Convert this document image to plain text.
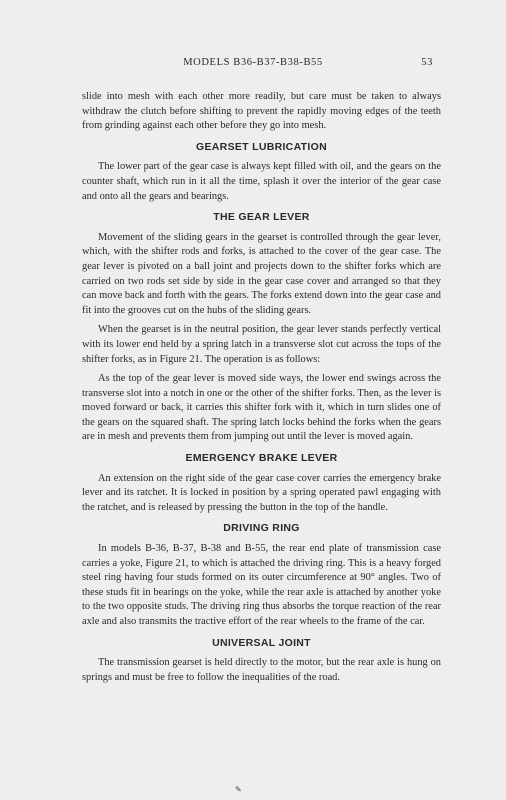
MODELS B36-B37-B38-B55	53

slide into mesh with each other more readily, but care must be taken to always withdraw the clutch before shifting to prevent the rapidly moving edges of the teeth from grinding against each other before they go into mesh.

GEARSET LUBRICATION

The lower part of the gear case is always kept filled with oil, and the gears on the counter shaft, which run in it all the time, splash it over the interior of the gear case and onto all the gears and bearings.

THE GEAR LEVER

Movement of the sliding gears in the gearset is controlled through the gear lever, which, with the shifter rods and forks, is attached to the cover of the gear case. The gear lever is pivoted on a ball joint and projects down to the shifter forks which are carried on two rods set side by side in the gear case cover and arranged so that they can move back and forth with the gears. The forks extend down into the gear case and fit into the grooves cut on the hubs of the sliding gears.

When the gearset is in the neutral position, the gear lever stands perfectly vertical with its lower end held by a spring latch in a transverse slot cut across the tops of the shifter forks, as in Figure 21. The operation is as follows:

As the top of the gear lever is moved side ways, the lower end swings across the transverse slot into a notch in one or the other of the shifter forks. Then, as the lever is moved forward or back, it carries this shifter fork with it, which in turn slides one of the gears on the squared shaft. The spring latch locks behind the forks when the gears are in mesh and prevents them from jumping out until the lever is moved again.

EMERGENCY BRAKE LEVER

An extension on the right side of the gear case cover carries the emergency brake lever and its ratchet. It is locked in position by a spring operated pawl engaging with the ratchet, and is released by pressing the button in the top of the handle.

DRIVING RING

In models B-36, B-37, B-38 and B-55, the rear end plate of transmission case carries a yoke, Figure 21, to which is attached the driving ring. This is a heavy forged steel ring having four studs formed on its outer circumference at 90° angles. Two of these studs fit in bearings on the yoke, while the rear axle is attached by another yoke to the two opposite studs. The driving ring thus absorbs the torque reaction of the rear axle and also transmits the tractive effort of the rear wheels to the frame of the car.

UNIVERSAL JOINT

The transmission gearset is held directly to the motor, but the rear axle is hung on springs and must be free to follow the inequalities of the road.

✎
